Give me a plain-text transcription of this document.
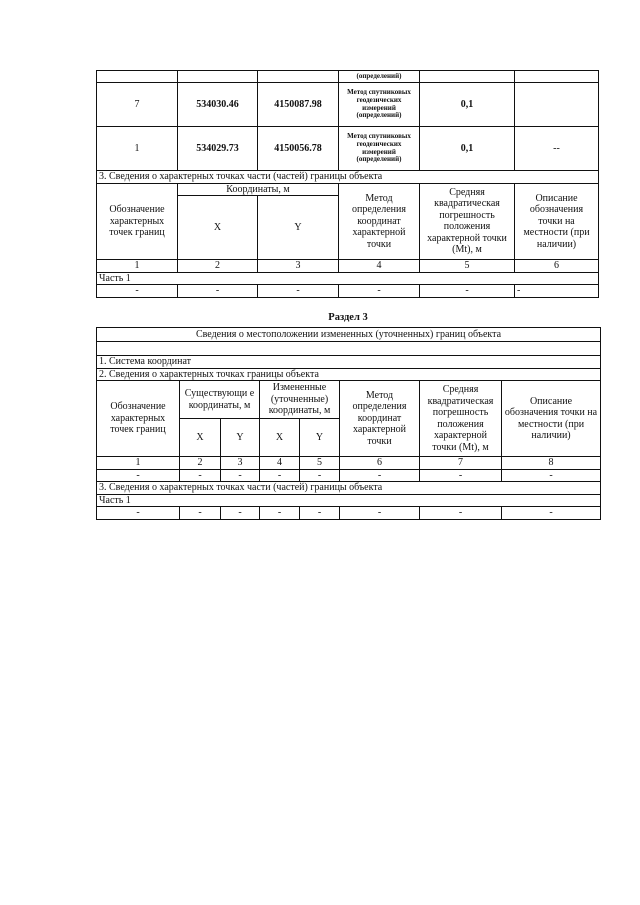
			(определений)		
7	534030.46	4150087.98	Метод спутниковых геодезических измерений (определений)	0,1	
1	534029.73	4150056.78	Метод спутниковых геодезических измерений (определений)	0,1	--
3. Сведения о характерных точках части (частей) границы объекта					
Обозначение характерных точек границ	Координаты, м		Метод определения координат характерной точки	Средняя квадратическая погрешность положения характерной точки (Mt), м	Описание обозначения точки на местности (при наличии)
	X	Y			
1	2	3	4	5	6
Часть 1					
-	-	-	-	-	-
Раздел 3
Сведения о местоположении измененных (уточненных) границ объекта							

1. Система координат							
2. Сведения о характерных точках границы объекта							
Обозначение характерных точек границ	Существующи е координаты, м		Измененные (уточненные) координаты, м		Метод определения координат характерной точки	Средняя квадратическая погрешность положения характерной точки (Mt), м	Описание обозначения точки на местности (при наличии)
	X	Y	X	Y			
1	2	3	4	5	6	7	8
-	-	-	-	-	-	-	-
3. Сведения о характерных точках части (частей) границы объекта							
Часть 1							
-	-	-	-	-	-	-	-
